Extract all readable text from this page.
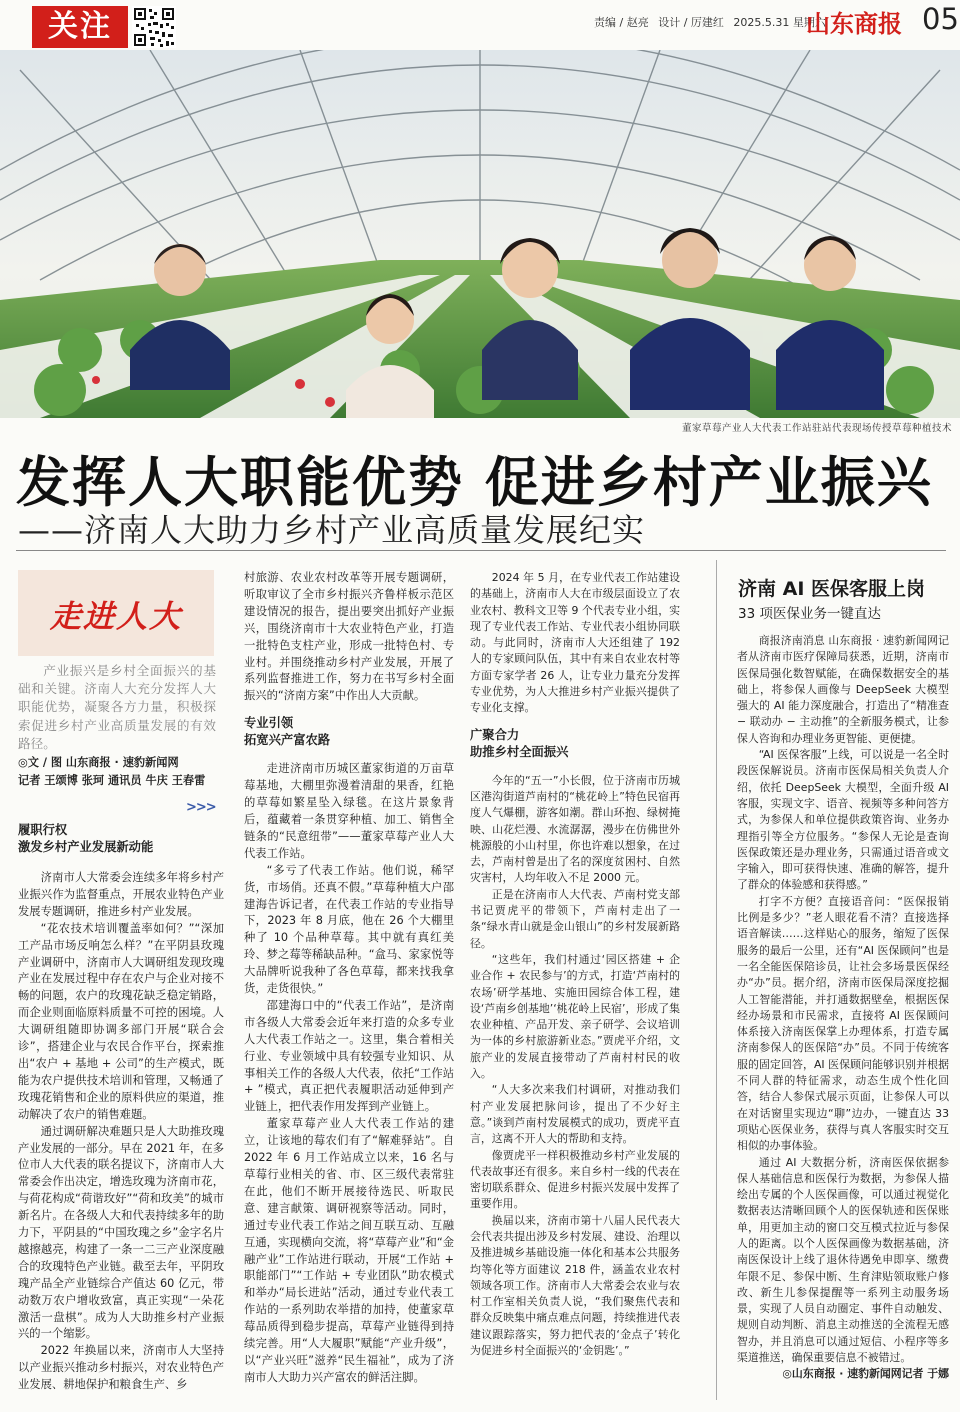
关注	责编 / 赵亮 设计 / 厉建红 2025.5.31 星期六
山东商报 05
董家草莓产业人大代表工作站驻站代表现场传授草莓种植技术
发挥人大职能优势 促进乡村产业振兴
——济南人大助力乡村产业高质量发展纪实
走进人大

产业振兴是乡村全面振兴的基础和关键。济南人大充分发挥人大职能优势，凝聚各方力量，积极探索促进乡村产业高质量发展的有效路径。

◎文 / 图 山东商报 · 速豹新闻网
记者 王颂博 张珂 通讯员 牛庆 王春雷
>>>
履职行权
激发乡村产业发展新动能

济南市人大常委会连续多年将乡村产业振兴作为监督重点，开展农业特色产业发展专题调研，推进乡村产业发展。

“花农技术培训覆盖率如何？”“深加工产品市场反响怎么样？”在平阴县玫瑰产业调研中，济南市人大调研组发现玫瑰产业在发展过程中存在农户与企业对接不畅的问题，农户的玫瑰花缺乏稳定销路，而企业则面临原料质量不可控的困境。人大调研组随即协调多部门开展“联合会诊”，搭建企业与农民合作平台，探索推出“农户 + 基地 + 公司”的生产模式，既能为农户提供技术培训和管理，又畅通了玫瑰花销售和企业的原料供应的渠道，推动解决了农户的销售难题。

通过调研解决难题只是人大助推玫瑰产业发展的一部分。早在 2021 年，在多位市人大代表的联名提议下，济南市人大常委会作出决定，增选玫瑰为济南市花，与荷花构成“荷谐玫好”“荷和玫美”的城市新名片。在各级人大和代表持续多年的助力下，平阴县的“中国玫瑰之乡”金字名片越擦越亮，构建了一条一二三产业深度融合的玫瑰特色产业链。截至去年，平阴玫瑰产品全产业链综合产值达 60 亿元，带动数万农户增收致富，真正实现“一朵花激活一盘棋”。成为人大助推乡村产业振兴的一个缩影。

2022 年换届以来，济南市人大坚持以产业振兴推动乡村振兴，对农业特色产业发展、耕地保护和粮食生产、乡

村旅游、农业农村改革等开展专题调研，听取审议了全市乡村振兴齐鲁样板示范区建设情况的报告，提出要突出抓好产业振兴，围绕济南市十大农业特色产业，打造一批特色支柱产业，形成一批特色村、专业村。并围绕推动乡村产业发展，开展了系列监督推进工作，努力在书写乡村全面振兴的“济南方案”中作出人大贡献。

专业引领
拓宽兴产富农路

走进济南市历城区董家街道的万亩草莓基地，大棚里弥漫着清甜的果香，红艳的草莓如繁星坠入绿毯。在这片景象背后，蕴藏着一条贯穿种植、加工、销售全链条的“民意纽带”——董家草莓产业人大代表工作站。

“多亏了代表工作站。他们说，稀罕货，市场俏。还真不假。”草莓种植大户邵建海告诉记者，在代表工作站的专业指导下，2023 年 8 月底，他在 26 个大棚里种了 10 个品种草莓。其中就有真红美玲、梦之莓等稀缺品种。“盒马、家家悦等大品牌听说我种了各色草莓，都来找我拿货，走货很快。”

邵建海口中的“代表工作站”，是济南市各级人大常委会近年来打造的众多专业人大代表工作站之一。这里，集合着相关行业、专业领域中具有较强专业知识、从事相关工作的各级人大代表，依托“工作站 + ”模式，真正把代表履职活动延伸到产业链上，把代表作用发挥到产业链上。

董家草莓产业人大代表工作站的建立，让该地的莓农们有了“解难驿站”。自 2022 年 6 月工作站成立以来，16 名与草莓行业相关的省、市、区三级代表常驻在此，他们不断开展接待选民、听取民意、建言献策、调研视察等活动。同时，通过专业代表工作站之间互联互动、互融互通，实现横向交流，将“草莓产业”和“金融产业”工作站进行联动，开展“工作站 + 职能部门”“工作站 + 专业团队”助农模式和举办“局长进站”活动，通过专业代表工作站的一系列助农举措的加持，使董家草莓品质得到稳步提高，草莓产业链得到持续完善。用“人大履职”赋能“产业升级”，以“产业兴旺”滋养“民生福祉”，成为了济南市人大助力兴产富农的鲜活注脚。

2024 年 5 月，在专业代表工作站建设的基础上，济南市人大在市级层面设立了农业农村、教科文卫等 9 个代表专业小组，实现了专业代表工作站、专业代表小组协同联动。与此同时，济南市人大还组建了 192 人的专家顾问队伍，其中有来自农业农村等方面专家学者 26 人，让专业力量充分发挥专业优势，为人大推进乡村产业振兴提供了专业化支撑。

广聚合力
助推乡村全面振兴

今年的“五一”小长假，位于济南市历城区港沟街道芦南村的“桃花岭上”特色民宿再度人气爆棚，游客如潮。群山环抱、绿树掩映、山花烂漫、水流潺潺，漫步在仿佛世外桃源般的小山村里，你也许难以想象，在过去，芦南村曾是出了名的深度贫困村、自然灾害村，人均年收入不足 2000 元。

正是在济南市人大代表、芦南村党支部书记贾虎平的带领下，芦南村走出了一条“绿水青山就是金山银山”的乡村发展新路径。

“这些年，我们村通过‘园区搭建 + 企业合作 + 农民参与’的方式，打造‘芦南村的农场’研学基地、实施田园综合体工程，建设‘芦南乡创基地’‘桃花岭上民宿’，形成了集农业种植、产品开发、亲子研学、会议培训为一体的乡村旅游新业态。”贾虎平介绍，文旅产业的发展直接带动了芦南村村民的收入。

“人大多次来我们村调研，对推动我们村产业发展把脉问诊，提出了不少好主意。”谈到芦南村发展模式的成功，贾虎平直言，这离不开人大的帮助和支持。

像贾虎平一样积极推动乡村产业发展的代表故事还有很多。来自乡村一线的代表在密切联系群众、促进乡村振兴发展中发挥了重要作用。

换届以来，济南市第十八届人民代表大会代表共提出涉及乡村发展、建设、治理以及推进城乡基础设施一体化和基本公共服务均等化等方面建议 218 件，涵盖农业农村领域各项工作。济南市人大常委会农业与农村工作室相关负责人说，“我们聚焦代表和群众反映集中痛点难点问题，持续推进代表建议跟踪落实，努力把代表的‘金点子’转化为促进乡村全面振兴的‘金钥匙’。”

济南 AI 医保客服上岗
33 项医保业务一键直达

商报济南消息 山东商报 · 速豹新闻网记者从济南市医疗保障局获悉，近期，济南市医保局强化数智赋能，在确保数据安全的基础上，将参保人画像与 DeepSeek 大模型强大的 AI 能力深度融合，打造出了“精准查 − 联动办 − 主动推”的全新服务模式，让参保人咨询和办理业务更智能、更便捷。

“AI 医保客服”上线，可以说是一名全时段医保解说员。济南市医保局相关负责人介绍，依托 DeepSeek 大模型，全面升级 AI 客服，实现文字、语音、视频等多种问答方式，为参保人和单位提供政策咨询、业务办理指引等全方位服务。“参保人无论是查询医保政策还是办理业务，只需通过语音或文字输入，即可获得快速、准确的解答，提升了群众的体验感和获得感。”

打字不方便？直接语音问：“医保报销比例是多少？”老人眼花看不清？直接选择语音解读……这样贴心的服务，缩短了医保服务的最后一公里，还有“AI 医保顾问”也是一名全能医保陪诊员，让社会多场景医保经办“办”员。据介绍，济南市医保局深度挖掘人工智能潜能，并打通数据壁垒，根据医保经办场景和市民需求，直接将 AI 医保顾问体系接入济南医保掌上办理体系，打造专属济南参保人的医保陪“办”员。不同于传统客服的固定回答，AI 医保顾问能够识别并根据不同人群的特征需求，动态生成个性化回答，结合人参保式展示页面，让参保人可以在对话窗里实现边“聊”边办，一键直达 33 项贴心医保业务，获得与真人客服实时交互相似的办事体验。

通过 AI 大数据分析，济南医保依据参保人基础信息和医保行为数据，为参保人描绘出专属的个人医保画像，可以通过视觉化数据表达清晰回顾个人的医保轨迹和医保账单，用更加主动的窗口交互模式拉近与参保人的距离。以个人医保画像为数据基础，济南医保设计上线了退休待遇免申即享、缴费年限不足、参保中断、生育津贴领取账户修改、新生儿参保提醒等一系列主动服务场景，实现了人员自动圈定、事件自动触发、规则自动判断、消息主动推送的全流程无感智办，并且消息可以通过短信、小程序等多渠道推送，确保重要信息不被错过。

◎山东商报 · 速豹新闻网记者 于娜
